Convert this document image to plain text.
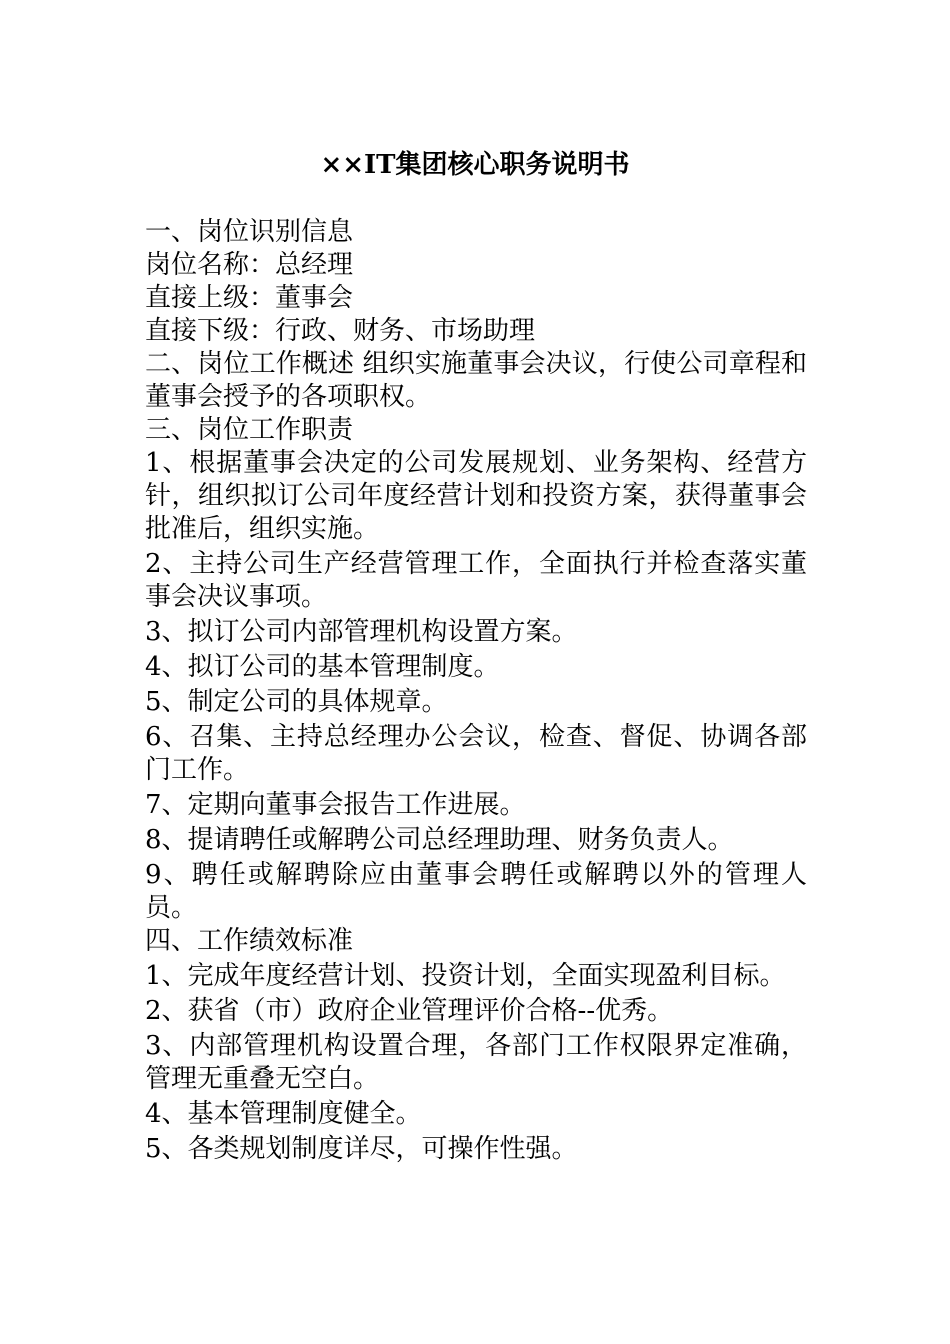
××IT集团核心职务说明书

一、岗位识别信息

岗位名称：总经理

直接上级：董事会

直接下级：行政、财务、市场助理

二、岗位工作概述 组织实施董事会决议，行使公司章程和董事会授予的各项职权。

三、岗位工作职责

1、根据董事会决定的公司发展规划、业务架构、经营方针，组织拟订公司年度经营计划和投资方案，获得董事会批准后，组织实施。

2、主持公司生产经营管理工作，全面执行并检查落实董事会决议事项。

3、拟订公司内部管理机构设置方案。

4、拟订公司的基本管理制度。

5、制定公司的具体规章。

6、召集、主持总经理办公会议，检查、督促、协调各部门工作。

7、定期向董事会报告工作进展。

8、提请聘任或解聘公司总经理助理、财务负责人。

9、聘任或解聘除应由董事会聘任或解聘以外的管理人员。

四、工作绩效标准

1、完成年度经营计划、投资计划，全面实现盈利目标。

2、获省（市）政府企业管理评价合格--优秀。

3、内部管理机构设置合理，各部门工作权限界定准确，管理无重叠无空白。

4、基本管理制度健全。

5、各类规划制度详尽，可操作性强。
